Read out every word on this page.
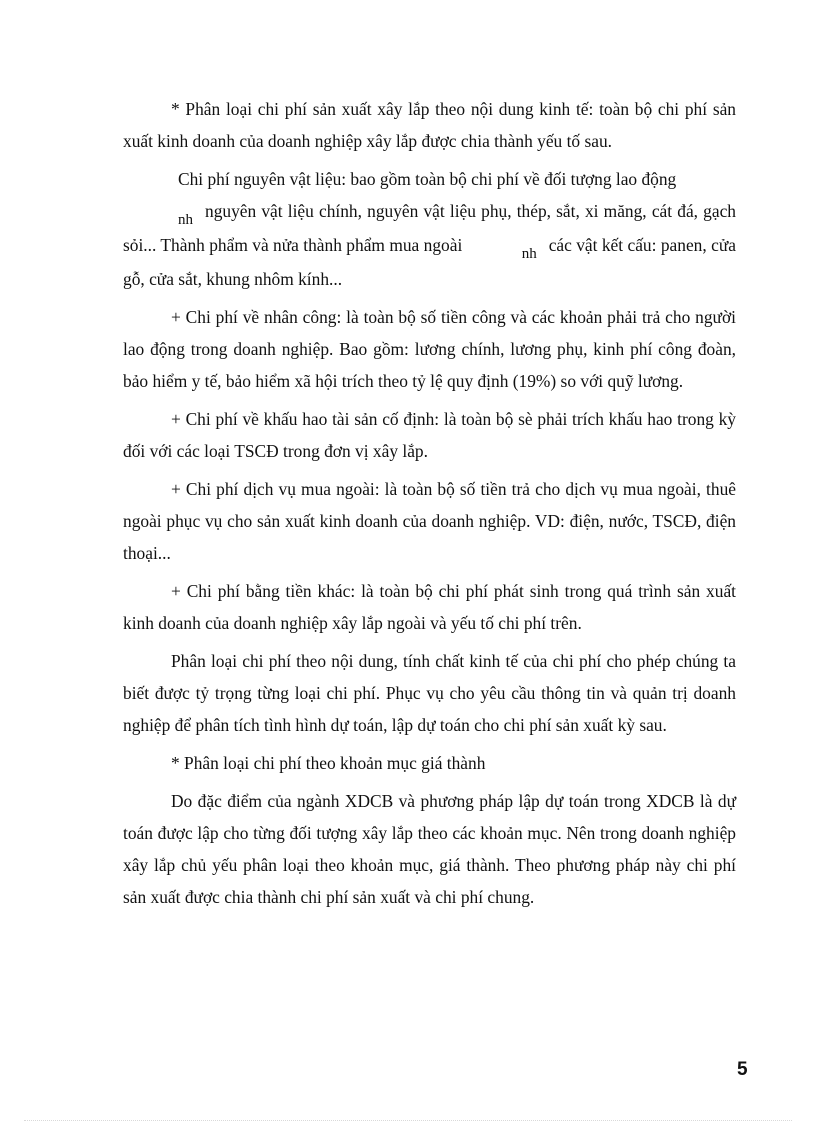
* Phân loại chi phí sản xuất xây lắp theo nội dung kinh tế: toàn bộ chi phí sản xuất kinh doanh của doanh nghiệp xây lắp được chia thành yếu tố sau.

Chi phí nguyên vật liệu: bao gồm toàn bộ chi phí về đối tượng lao động
nh nguyên vật liệu chính, nguyên vật liệu phụ, thép, sắt, xi măng, cát đá, gạch sỏi... Thành phẩm và nửa thành phẩm mua ngoài	nh các vật kết cấu: panen, cửa gỗ, cửa sắt, khung nhôm kính...

+ Chi phí về nhân công: là toàn bộ số tiền công và các khoản phải trả cho người lao động trong doanh nghiệp. Bao gồm: lương chính, lương phụ, kinh phí công đoàn, bảo hiểm y tế, bảo hiểm xã hội trích theo tỷ lệ quy định (19%) so với quỹ lương.

+ Chi phí về khấu hao tài sản cố định: là toàn bộ sè phải trích khấu hao trong kỳ đối với các loại TSCĐ trong đơn vị xây lắp.

+ Chi phí dịch vụ mua ngoài: là toàn bộ số tiền trả cho dịch vụ mua ngoài, thuê ngoài phục vụ cho sản xuất kinh doanh của doanh nghiệp. VD: điện, nước, TSCĐ, điện thoại...

+ Chi phí bằng tiền khác: là toàn bộ chi phí phát sinh trong quá trình sản xuất kinh doanh của doanh nghiệp xây lắp ngoài và yếu tố chi phí trên.

Phân loại chi phí theo nội dung, tính chất kinh tế của chi phí cho phép chúng ta biết được tỷ trọng từng loại chi phí. Phục vụ cho yêu cầu thông tin và quản trị doanh nghiệp để phân tích tình hình dự toán, lập dự toán cho chi phí sản xuất kỳ sau.

* Phân loại chi phí theo khoản mục giá thành

Do đặc điểm của ngành XDCB và phương pháp lập dự toán trong XDCB là dự toán được lập cho từng đối tượng xây lắp theo các khoản mục. Nên trong doanh nghiệp xây lắp chủ yếu phân loại theo khoản mục, giá thành. Theo phương pháp này chi phí sản xuất được chia thành chi phí sản xuất và chi phí chung.

5
